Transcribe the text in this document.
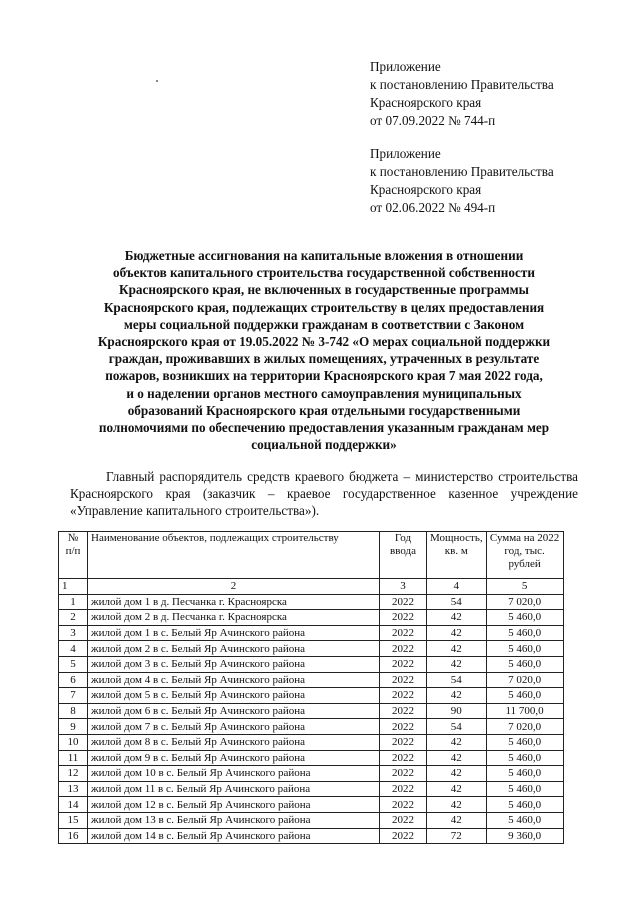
Приложение
к постановлению Правительства
Красноярского края
от 07.09.2022 № 744-п
Приложение
к постановлению Правительства
Красноярского края
от 02.06.2022 № 494-п
Бюджетные ассигнования на капитальные вложения в отношении
объектов капитального строительства государственной собственности
Красноярского края, не включенных в государственные программы
Красноярского края, подлежащих строительству в целях предоставления
меры социальной поддержки гражданам в соответствии с Законом
Красноярского края от 19.05.2022 № 3-742 «О мерах социальной поддержки
граждан, проживавших в жилых помещениях, утраченных в результате
пожаров, возникших на территории Красноярского края 7 мая 2022 года,
и о наделении органов местного самоуправления муниципальных
образований Красноярского края отдельными государственными
полномочиями по обеспечению предоставления указанным гражданам мер
социальной поддержки»
Главный распорядитель средств краевого бюджета – министерство строительства Красноярского края (заказчик – краевое государственное казенное учреждение «Управление капитального строительства»).
№ п/п	Наименование объектов, подлежащих строительству	Год ввода	Мощность, кв. м	Сумма на 2022 год, тыс. рублей
1	2	3	4	5
1	жилой дом 1 в д. Песчанка г. Красноярска	2022	54	7 020,0
2	жилой дом 2 в д. Песчанка г. Красноярска	2022	42	5 460,0
3	жилой дом 1 в с. Белый Яр Ачинского района	2022	42	5 460,0
4	жилой дом 2 в с. Белый Яр Ачинского района	2022	42	5 460,0
5	жилой дом 3 в с. Белый Яр Ачинского района	2022	42	5 460,0
6	жилой дом 4 в с. Белый Яр Ачинского района	2022	54	7 020,0
7	жилой дом 5 в с. Белый Яр Ачинского района	2022	42	5 460,0
8	жилой дом 6 в с. Белый Яр Ачинского района	2022	90	11 700,0
9	жилой дом 7 в с. Белый Яр Ачинского района	2022	54	7 020,0
10	жилой дом 8 в с. Белый Яр Ачинского района	2022	42	5 460,0
11	жилой дом 9 в с. Белый Яр Ачинского района	2022	42	5 460,0
12	жилой дом 10 в с. Белый Яр Ачинского района	2022	42	5 460,0
13	жилой дом 11 в с. Белый Яр Ачинского района	2022	42	5 460,0
14	жилой дом 12 в с. Белый Яр Ачинского района	2022	42	5 460,0
15	жилой дом 13 в с. Белый Яр Ачинского района	2022	42	5 460,0
16	жилой дом 14 в с. Белый Яр Ачинского района	2022	72	9 360,0
